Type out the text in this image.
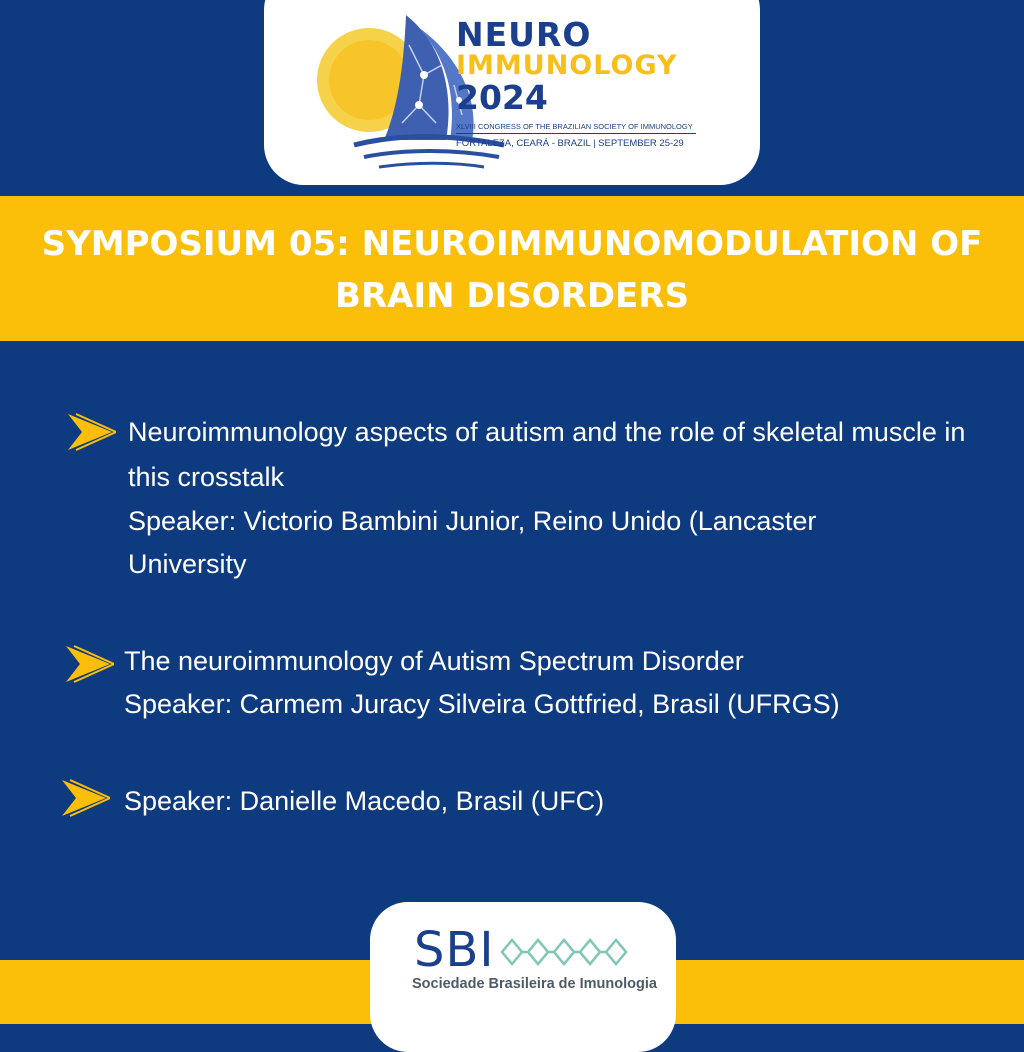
NEURO
IMMUNOLOGY
2024
XLVIII CONGRESS OF THE BRAZILIAN SOCIETY OF IMMUNOLOGY
FORTALEZA, CEARÁ - BRAZIL | SEPTEMBER 25-29
SYMPOSIUM 05: NEUROIMMUNOMODULATION OF BRAIN DISORDERS
Neuroimmunology aspects of autism and the role of skeletal muscle in this crosstalk
Speaker: Victorio Bambini Junior, Reino Unido (Lancaster University
The neuroimmunology of Autism Spectrum Disorder
Speaker: Carmem Juracy Silveira Gottfried, Brasil (UFRGS)
Speaker: Danielle Macedo, Brasil (UFC)
SBI
Sociedade Brasileira de Imunologia
